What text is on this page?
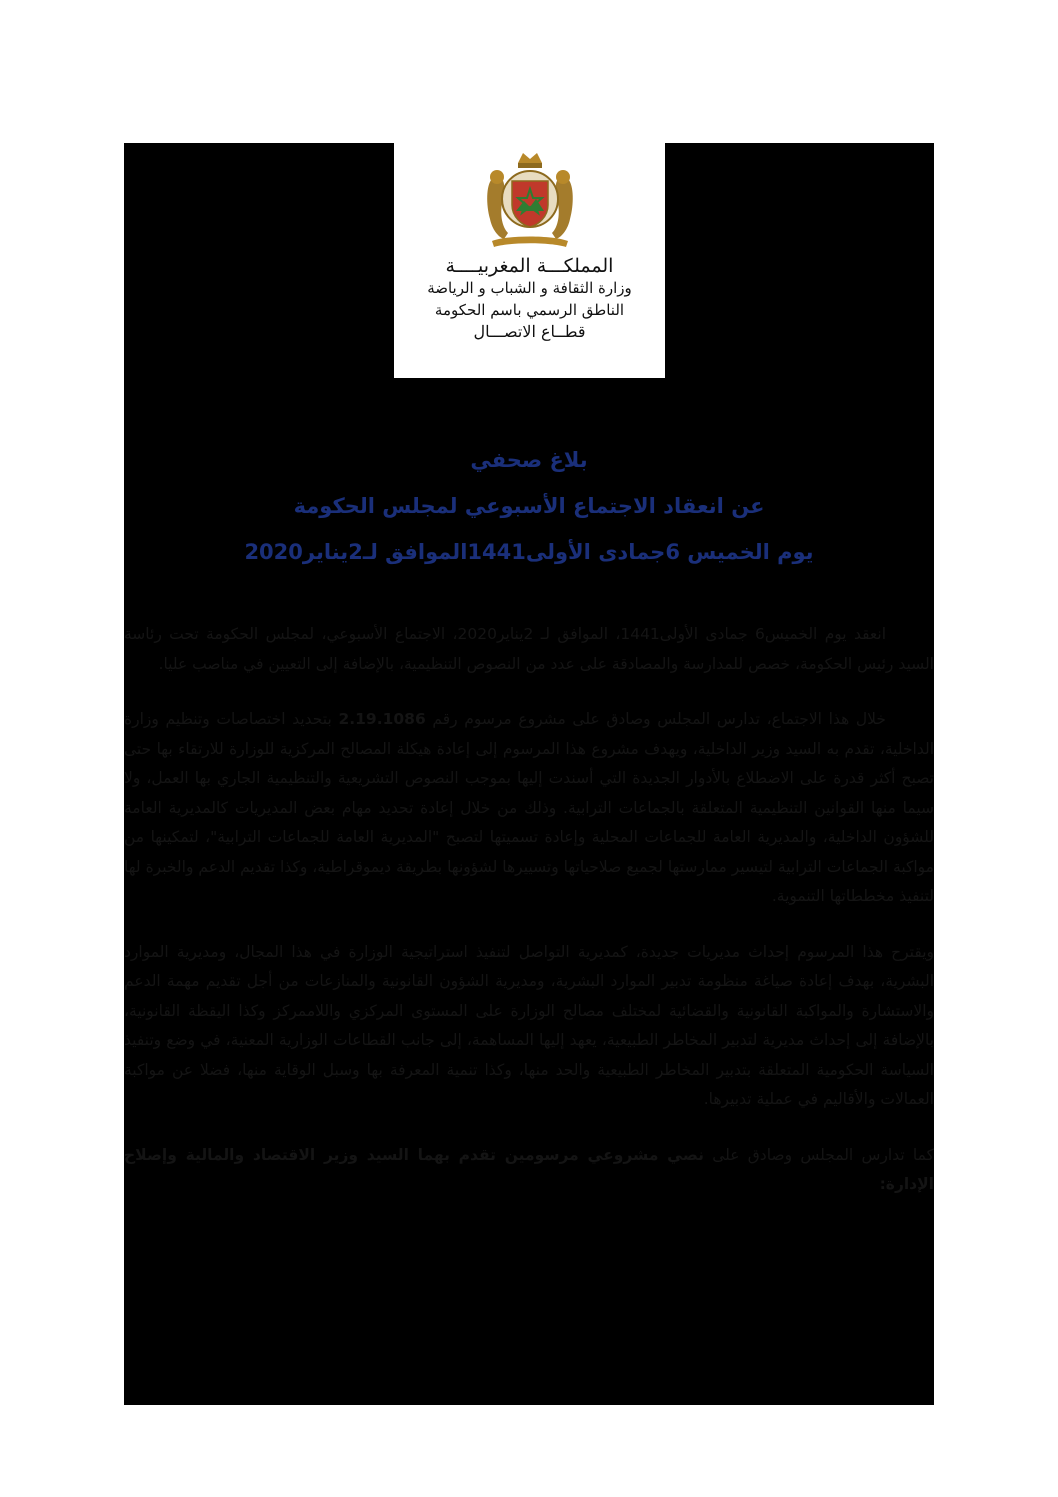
المملكـــة المغربيــــة
وزارة الثقافة و الشباب و الرياضة
الناطق الرسمي باسم الحكومة
قطــاع الاتصـــال
بلاغ صحفي
عن انعقاد الاجتماع الأسبوعي لمجلس الحكومة
يوم الخميس 6جمادى الأولى1441الموافق لـ2يناير2020

انعقد يوم الخميس6 جمادى الأولى1441، الموافق لـ 2يناير2020، الاجتماع الأسبوعي، لمجلس الحكومة تحت رئاسة السيد رئيس الحكومة، خصص للمدارسة والمصادقة على عدد من النصوص التنظيمية، بالإضافة إلى التعيين في مناصب عليا.

خلال هذا الاجتماع، تدارس المجلس وصادق على مشروع مرسوم رقم 2.19.1086 بتحديد اختصاصات وتنظيم وزارة الداخلية، تقدم به السيد وزير الداخلية، ويهدف مشروع هذا المرسوم إلى إعادة هيكلة المصالح المركزية للوزارة للارتقاء بها حتى تصبح أكثر قدرة على الاضطلاع بالأدوار الجديدة التي أسندت إليها بموجب النصوص التشريعية والتنظيمية الجاري بها العمل، ولا سيما منها القوانين التنظيمية المتعلقة بالجماعات الترابية. وذلك من خلال إعادة تحديد مهام بعض المديريات كالمديرية العامة للشؤون الداخلية، والمديرية العامة للجماعات المحلية وإعادة تسميتها لتصبح "المديرية العامة للجماعات الترابية"، لتمكينها من مواكبة الجماعات الترابية لتيسير ممارستها لجميع صلاحياتها وتسييرها لشؤونها بطريقة ديموقراطية، وكذا تقديم الدعم والخبرة لها لتنفيذ مخططاتها التنموية.

ويقترح هذا المرسوم إحداث مديريات جديدة، كمديرية التواصل لتنفيذ استراتيجية الوزارة في هذا المجال، ومديرية الموارد البشرية، بهدف إعادة صياغة منظومة تدبير الموارد البشرية، ومديرية الشؤون القانونية والمنازعات من أجل تقديم مهمة الدعم والاستشارة والمواكبة القانونية والقضائية لمختلف مصالح الوزارة على المستوى المركزي واللاممركز وكذا اليقظة القانونية، بالإضافة إلى إحداث مديرية لتدبير المخاطر الطبيعية، يعهد إليها المساهمة، إلى جانب القطاعات الوزارية المعنية، في وضع وتنفيذ السياسة الحكومية المتعلقة بتدبير المخاطر الطبيعية والحد منها، وكذا تنمية المعرفة بها وسبل الوقاية منها، فضلا عن مواكبة العمالات والأقاليم في عملية تدبيرها.

كما تدارس المجلس وصادق على نصي مشروعي مرسومين تقدم بهما السيد وزير الاقتصاد والمالية وإصلاح الإدارة:
